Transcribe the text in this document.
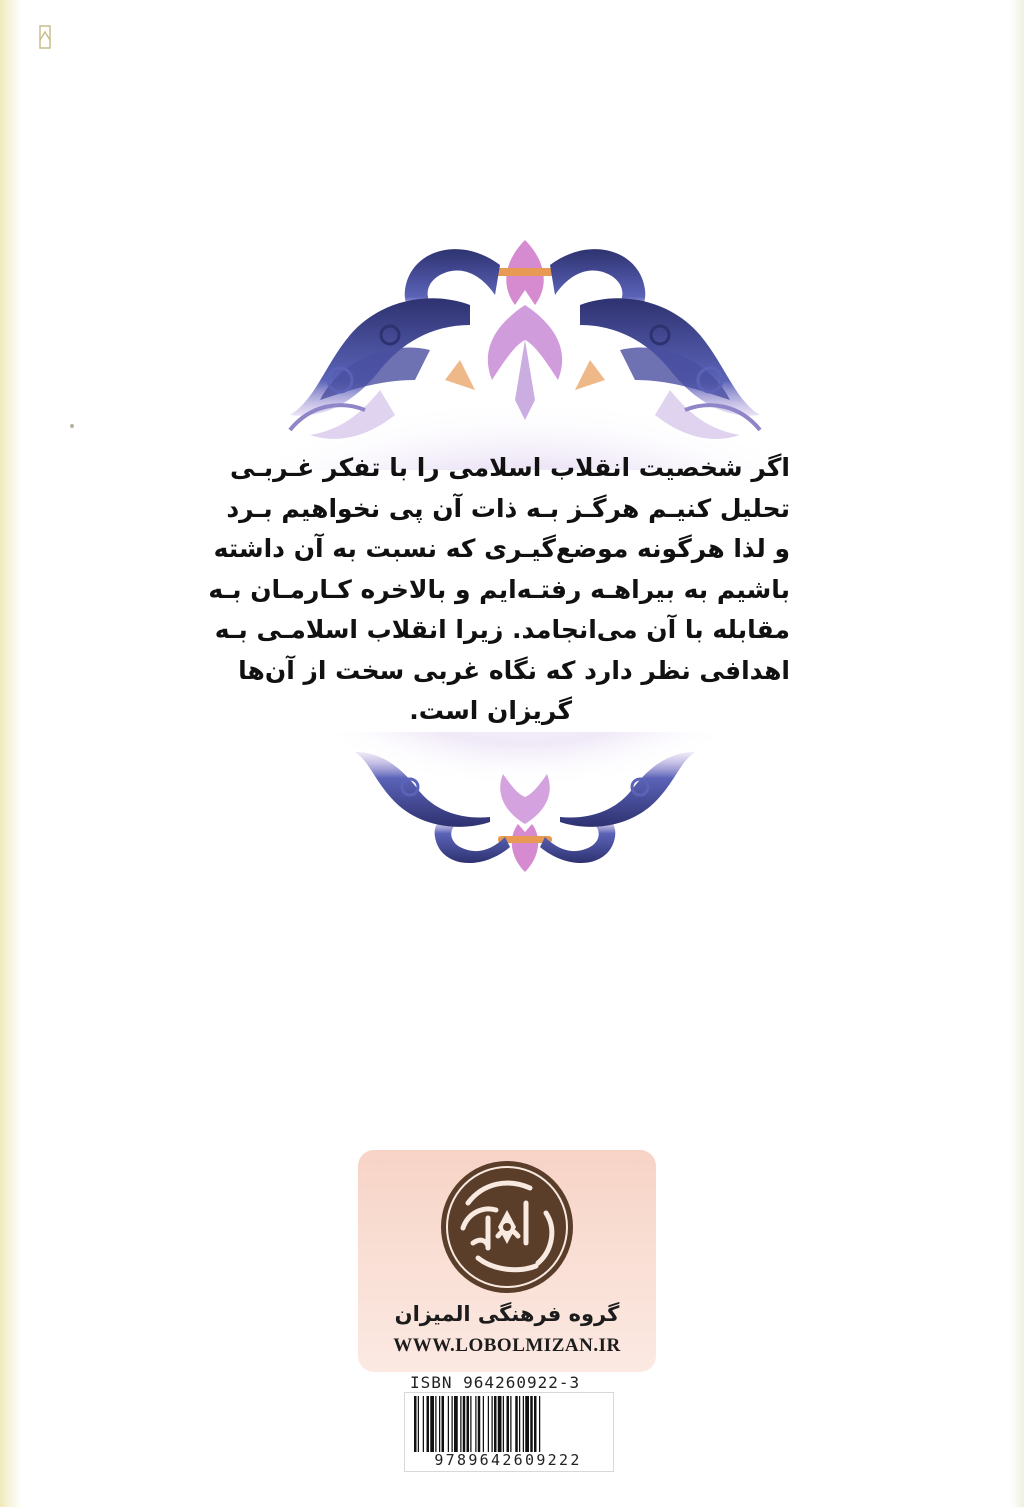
اگر شخصیت انقلاب اسلامی را با تفکر غـربـی
تحلیل کنیـم هرگـز بـه ذات آن پی نخواهیم بـرد
و لذا هرگونه موضع‌گیـری که نسبت به آن داشته
باشیم به بیراهـه رفتـه‌ایم و بالاخره کـارمـان بـه
مقابله با آن می‌انجامد. زیرا انقلاب اسلامـی بـه
اهدافی نظر دارد که نگاه غربی سخت از آن‌ها
گریزان است.
گروه فرهنگی المیزان
WWW.LOBOLMIZAN.IR
ISBN 964260922-3
9789642609222
